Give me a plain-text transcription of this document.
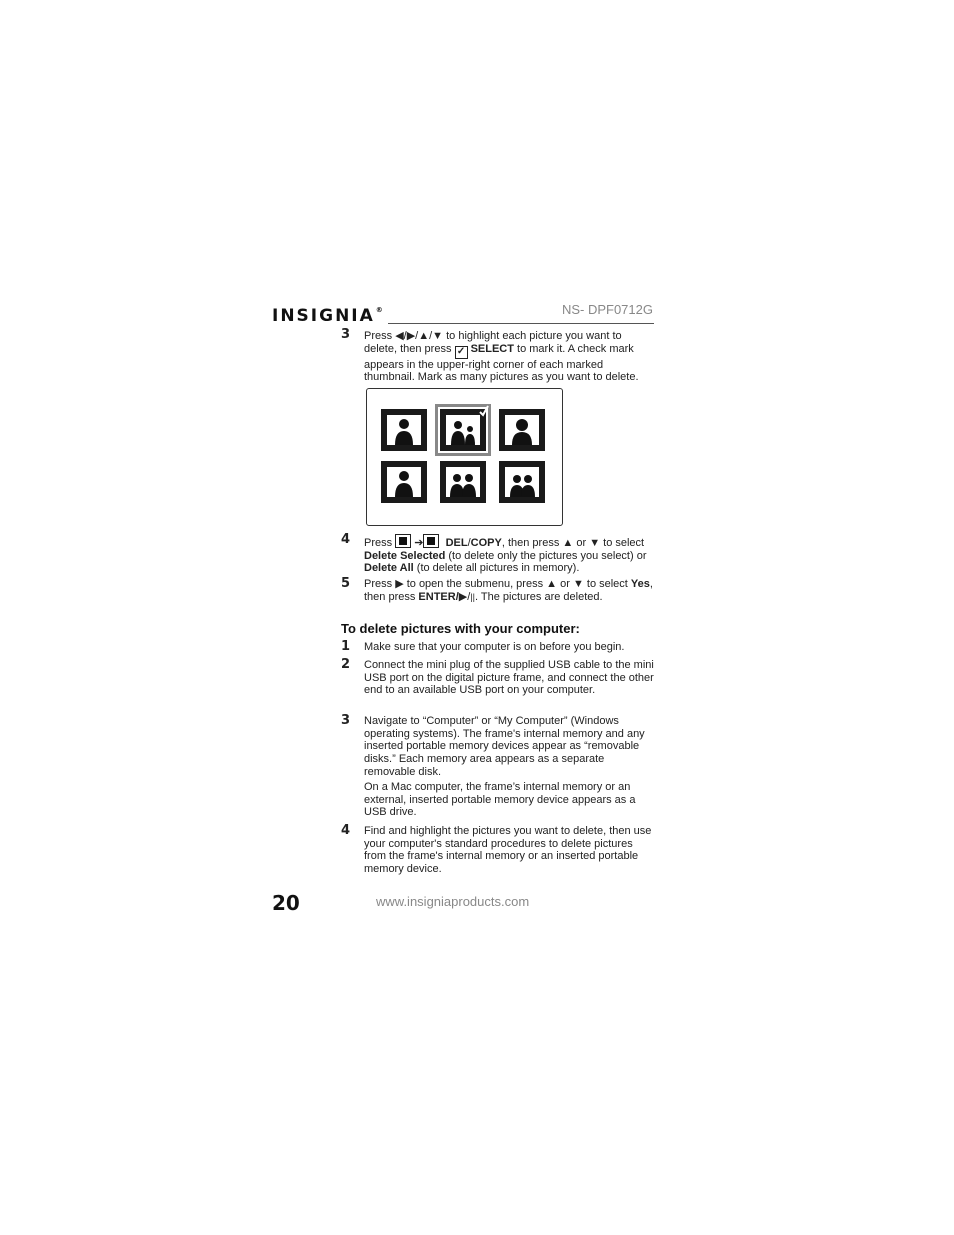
INSIGNIA®	NS- DPF0712G
3 Press ◀/▶/▲/▼ to highlight each picture you want to delete, then press ✓ SELECT to mark it. A check mark appears in the upper-right corner of each marked thumbnail. Mark as many pictures as you want to delete.
4 Press  ➔ DEL/COPY, then press ▲ or ▼ to select Delete Selected (to delete only the pictures you select) or Delete All (to delete all pictures in memory).
5 Press ▶ to open the submenu, press ▲ or ▼ to select Yes, then press ENTER/▶/||. The pictures are deleted.
To delete pictures with your computer:
1 Make sure that your computer is on before you begin.
2 Connect the mini plug of the supplied USB cable to the mini USB port on the digital picture frame, and connect the other end to an available USB port on your computer.
3 Navigate to “Computer” or “My Computer” (Windows operating systems). The frame's internal memory and any inserted portable memory devices appear as “removable disks.” Each memory area appears as a separate removable disk.
On a Mac computer, the frame’s internal memory or an external, inserted portable memory device appears as a USB drive.
4 Find and highlight the pictures you want to delete, then use your computer's standard procedures to delete pictures from the frame's internal memory or an inserted portable memory device.
20	www.insigniaproducts.com
